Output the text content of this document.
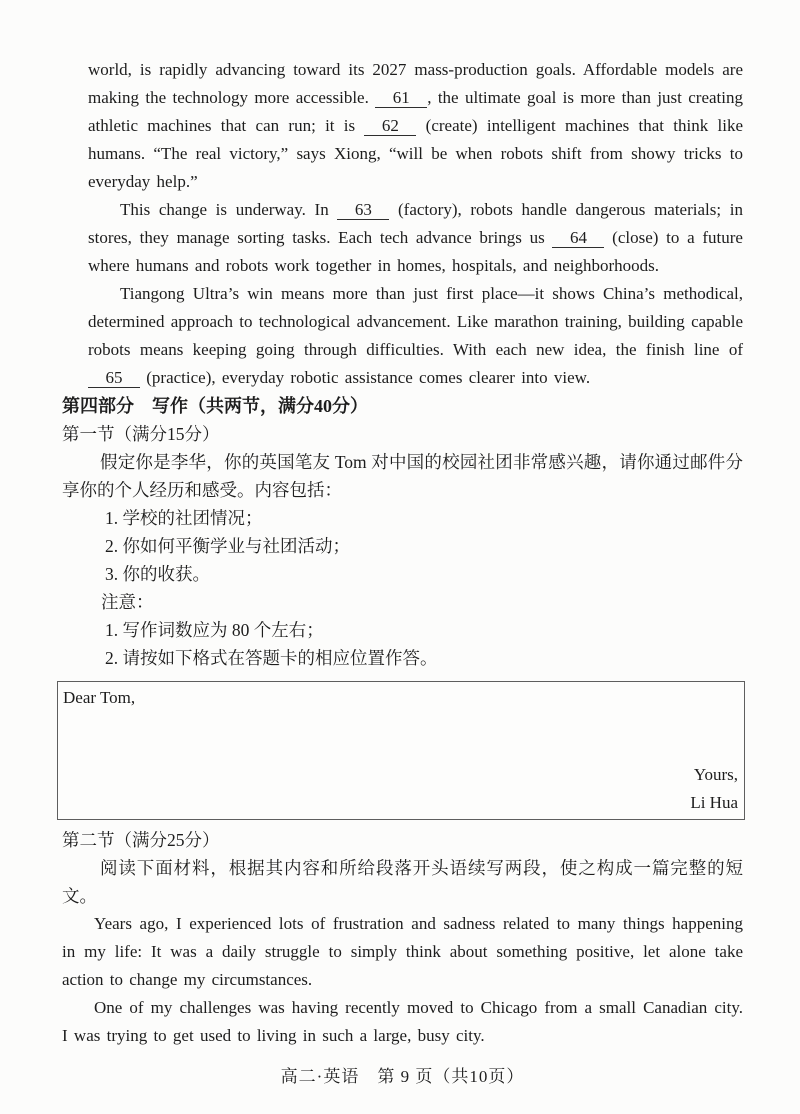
world, is rapidly advancing toward its 2027 mass-production goals. Affordable models are making the technology more accessible. 61 , the ultimate goal is more than just creating athletic machines that can run; it is 62 (create) intelligent machines that think like humans. “The real victory,” says Xiong, “will be when robots shift from showy tricks to everyday help.”

This change is underway. In 63 (factory), robots handle dangerous materials; in stores, they manage sorting tasks. Each tech advance brings us 64 (close) to a future where humans and robots work together in homes, hospitals, and neighborhoods.

Tiangong Ultra’s win means more than just first place—it shows China’s methodical, determined approach to technological advancement. Like marathon training, building capable robots means keeping going through difficulties. With each new idea, the finish line of 65 (practice), everyday robotic assistance comes clearer into view.

第四部分　写作（共两节，满分40分）
第一节（满分15分）

假定你是李华，你的英国笔友 Tom 对中国的校园社团非常感兴趣，请你通过邮件分享你的个人经历和感受。内容包括：

1. 学校的社团情况；

2. 你如何平衡学业与社团活动；

3. 你的收获。

注意：

1. 写作词数应为 80 个左右；

2. 请按如下格式在答题卡的相应位置作答。

Dear Tom,
Yours,
Li Hua
第二节（满分25分）

阅读下面材料，根据其内容和所给段落开头语续写两段，使之构成一篇完整的短文。

Years ago, I experienced lots of frustration and sadness related to many things happening in my life: It was a daily struggle to simply think about something positive, let alone take action to change my circumstances.

One of my challenges was having recently moved to Chicago from a small Canadian city. I was trying to get used to living in such a large, busy city.

高二·英语　第 9 页（共10页）
